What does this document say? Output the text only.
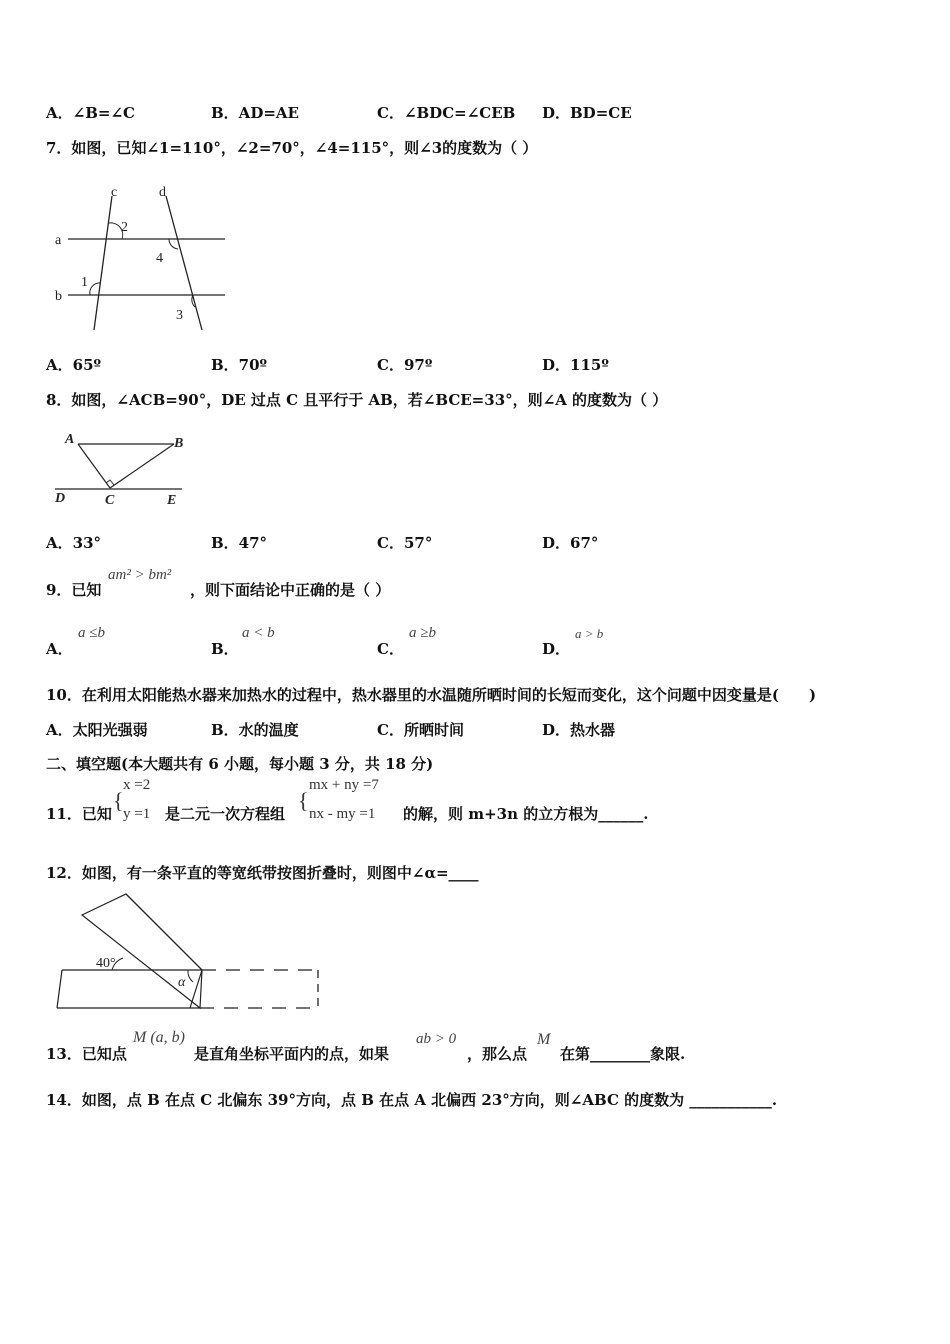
A．∠B=∠C	B．AD=AE	C．∠BDC=∠CEB D．BD=CE
7．如图，已知∠1=110°，∠2=70°，∠4=115°，则∠3的度数为（ ）
c	d
a
b
2
4
1
3
A．65º	B．70º	C．97º	D．115º
8．如图，∠ACB=90°，DE 过点 C 且平行于 AB，若∠BCE=33°，则∠A 的度数为（ ）
A	B
C
D	E
A．33°	B．47°	C．57°	D．67°
9．已知
am² > bm²
，则下面结论中正确的是（ ）
A．
a ≤b
B．
a < b
C．
a ≥b
D．
a > b
10．在利用太阳能热水器来加热水的过程中，热水器里的水温随所晒时间的长短而变化，这个问题中因变量是(　　)
A．太阳光强弱	B．水的温度	C．所晒时间	D．热水器
二、填空题(本大题共有 6 小题，每小题 3 分，共 18 分)
11．已知
{
x =2
y =1 是二元一次方程组
{
mx + ny =7
nx - my =1 的解，则 m+3n 的立方根为______.
12．如图，有一条平直的等宽纸带按图折叠时，则图中∠α=____
40°
α
13．已知点
M (a, b)
是直角坐标平面内的点，如果
ab > 0
，那么点
M
在第________象限.
14．如图，点 B 在点 C 北偏东 39°方向，点 B 在点 A 北偏西 23°方向，则∠ABC 的度数为 ___________.
